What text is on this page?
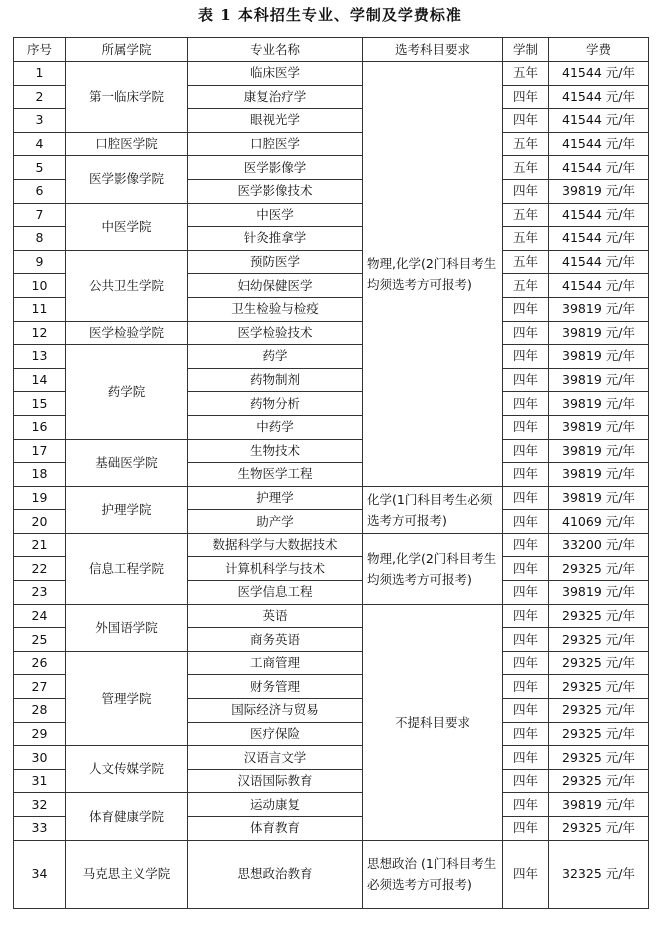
表 1 本科招生专业、学制及学费标准
序号	所属学院	专业名称	选考科目要求	学制	学费
1	第一临床学院	临床医学	物理,化学(2门科目考生均须选考方可报考)	五年	41544 元/年
2		康复治疗学		四年	41544 元/年
3		眼视光学		四年	41544 元/年
4	口腔医学院	口腔医学		五年	41544 元/年
5	医学影像学院	医学影像学		五年	41544 元/年
6		医学影像技术		四年	39819 元/年
7	中医学院	中医学		五年	41544 元/年
8		针灸推拿学		五年	41544 元/年
9	公共卫生学院	预防医学		五年	41544 元/年
10		妇幼保健医学		五年	41544 元/年
11		卫生检验与检疫		四年	39819 元/年
12	医学检验学院	医学检验技术		四年	39819 元/年
13	药学院	药学		四年	39819 元/年
14		药物制剂		四年	39819 元/年
15		药物分析		四年	39819 元/年
16		中药学		四年	39819 元/年
17	基础医学院	生物技术		四年	39819 元/年
18		生物医学工程		四年	39819 元/年
19	护理学院	护理学	化学(1门科目考生必须选考方可报考)	四年	39819 元/年
20		助产学		四年	41069 元/年
21	信息工程学院	数据科学与大数据技术	物理,化学(2门科目考生均须选考方可报考)	四年	33200 元/年
22		计算机科学与技术		四年	29325 元/年
23		医学信息工程		四年	39819 元/年
24	外国语学院	英语	不提科目要求	四年	29325 元/年
25		商务英语		四年	29325 元/年
26	管理学院	工商管理		四年	29325 元/年
27		财务管理		四年	29325 元/年
28		国际经济与贸易		四年	29325 元/年
29		医疗保险		四年	29325 元/年
30	人文传媒学院	汉语言文学		四年	29325 元/年
31		汉语国际教育		四年	29325 元/年
32	体育健康学院	运动康复		四年	39819 元/年
33		体育教育		四年	29325 元/年
34	马克思主义学院	思想政治教育	思想政治 (1门科目考生必须选考方可报考)	四年	32325 元/年
